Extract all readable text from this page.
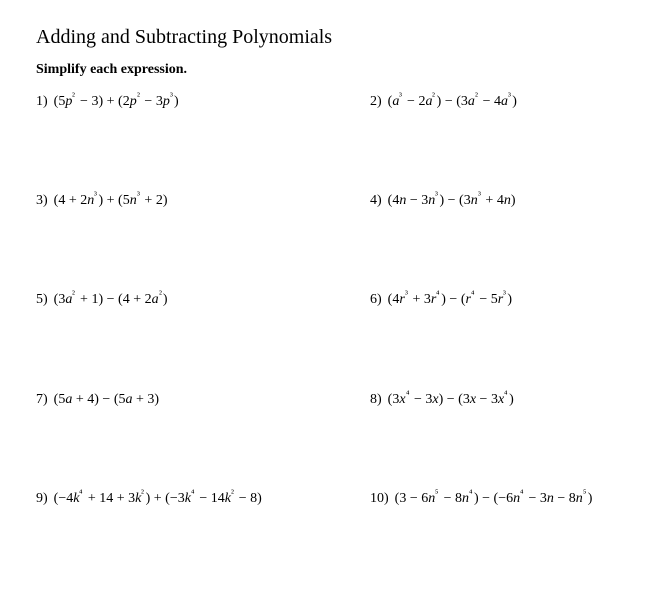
Adding and Subtracting Polynomials
Simplify each expression.
1) $(5p^{^2} - 3) + (2p^{^2} - 3p^{^3})$	2) $(a^{^3} - 2a^{^2}) - (3a^{^2} - 4a^{^3})$
3) $(4 + 2n^{^3}) + (5n^{^3} + 2)$	4) $(4n - 3n^{^3}) - (3n^{^3} + 4n)$
5) $(3a^{^2} + 1) - (4 + 2a^{^2})$	6) $(4r^{^3} + 3r^{^4}) - (r^{^4} - 5r^{^3})$
7) (5a + 4) − (5a + 3)	8) $(3x^{^4} - 3x) - (3x - 3x^{^4})$
9) $(-4k^{^4} + 14 + 3k^{^2}) + (-3k^{^4} - 14k^{^2} - 8)$	10) $(3 - 6n^{^5} - 8n^{^4}) - (-6n^{^4} - 3n - 8n^{^5})$
